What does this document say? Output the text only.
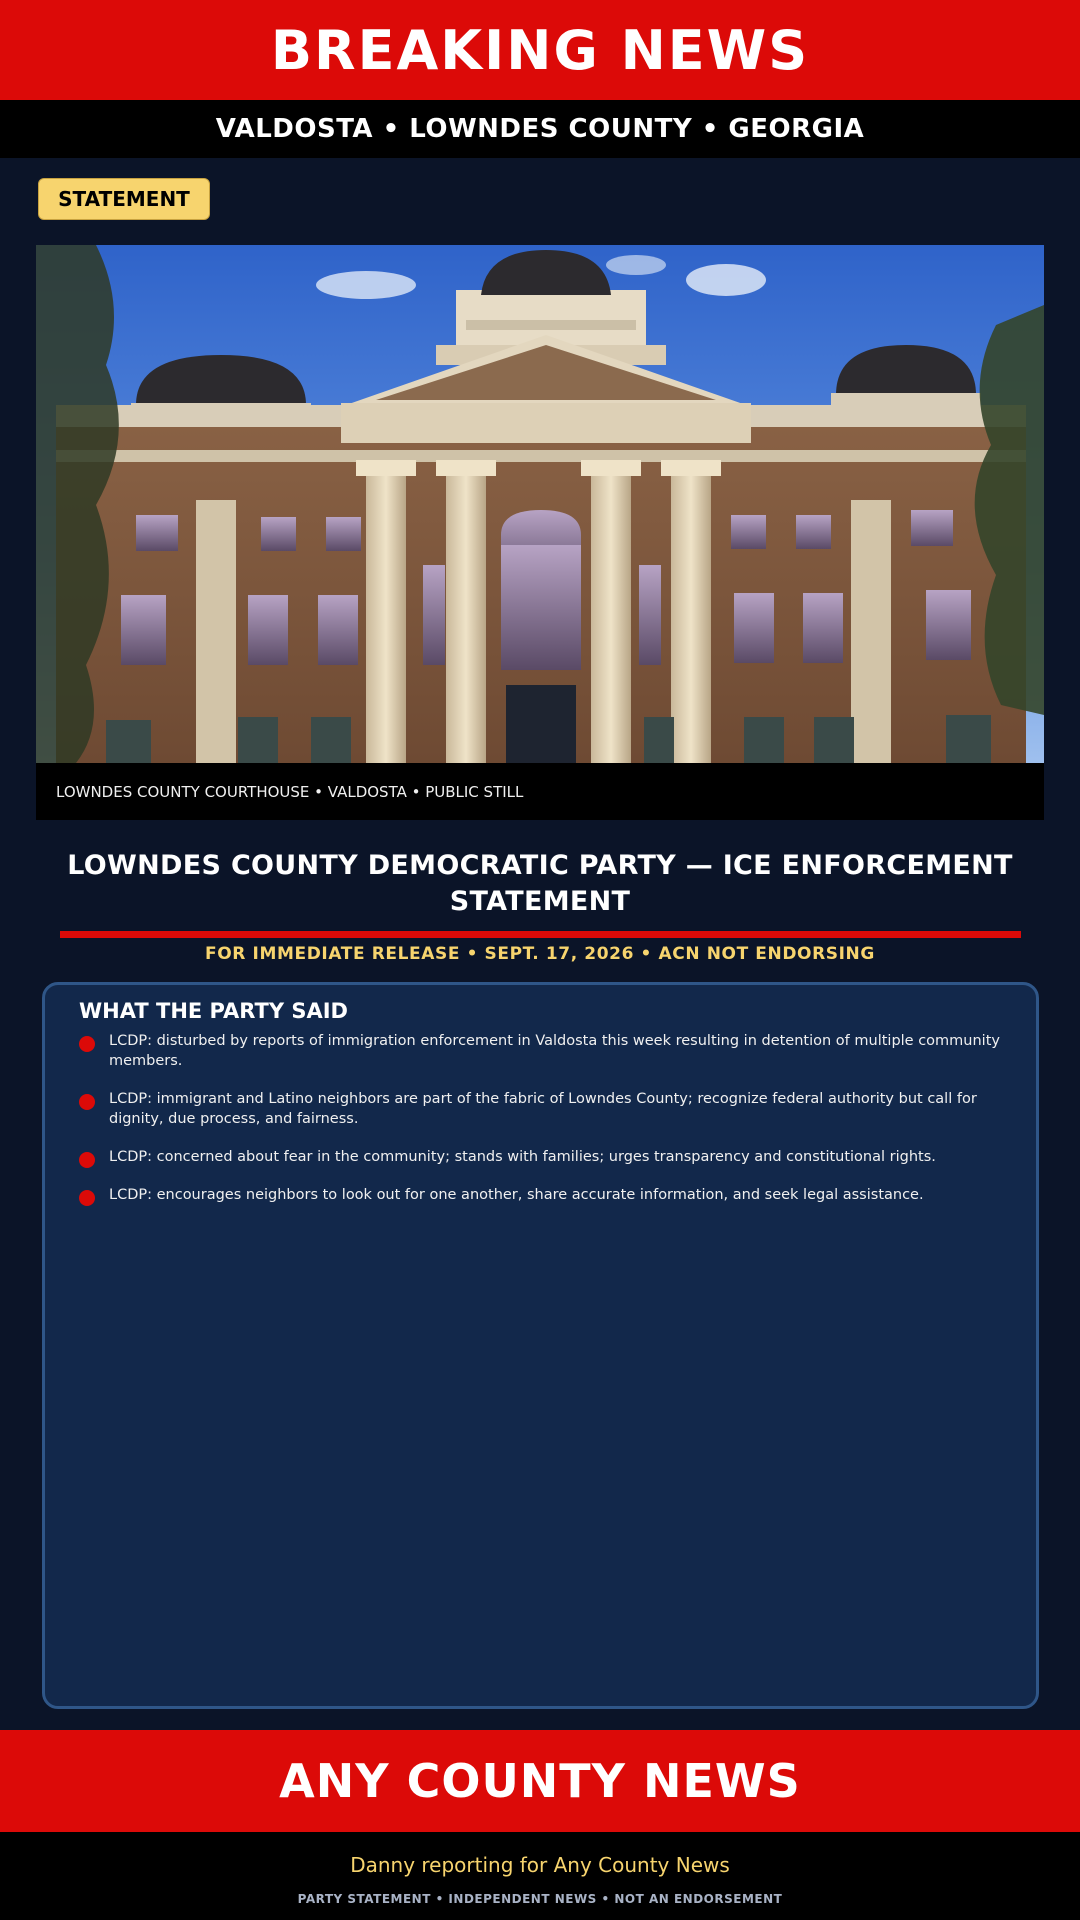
BREAKING NEWS
VALDOSTA • LOWNDES COUNTY • GEORGIA
STATEMENT
LOWNDES COUNTY COURTHOUSE • VALDOSTA • PUBLIC STILL
LOWNDES COUNTY DEMOCRATIC PARTY — ICE ENFORCEMENT STATEMENT
FOR IMMEDIATE RELEASE • SEPT. 17, 2026 • ACN NOT ENDORSING
WHAT THE PARTY SAID
LCDP: disturbed by reports of immigration enforcement in Valdosta this week resulting in detention of multiple community members.
LCDP: immigrant and Latino neighbors are part of the fabric of Lowndes County; recognize federal authority but call for dignity, due process, and fairness.
LCDP: concerned about fear in the community; stands with families; urges transparency and constitutional rights.
LCDP: encourages neighbors to look out for one another, share accurate information, and seek legal assistance.
ANY COUNTY NEWS
Danny reporting for Any County News
PARTY STATEMENT • INDEPENDENT NEWS • NOT AN ENDORSEMENT
